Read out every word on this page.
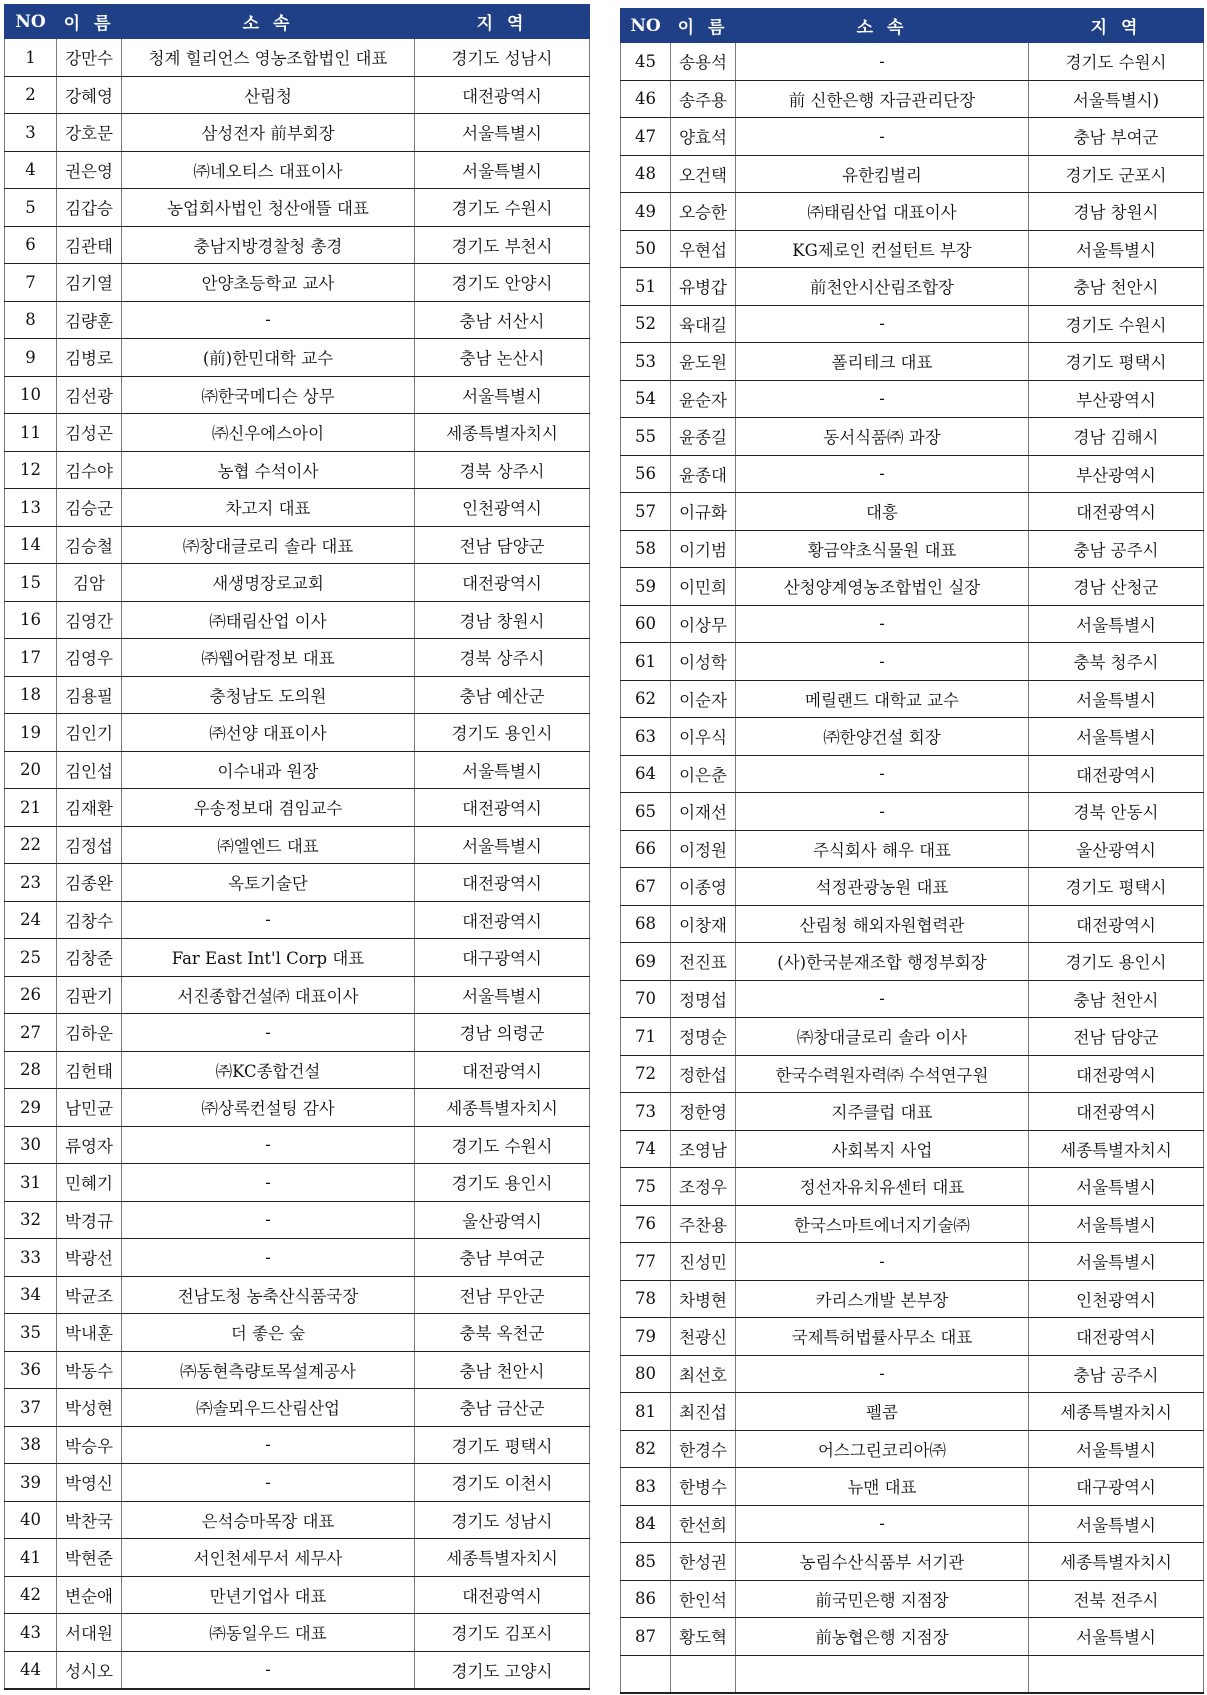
NO	이 름	소 속	지 역
1	강만수	청계 힐리언스 영농조합법인 대표	경기도 성남시
2	강혜영	산림청	대전광역시
3	강호문	삼성전자 前부회장	서울특별시
4	권은영	㈜네오티스 대표이사	서울특별시
5	김갑승	농업회사법인 청산애뜰 대표	경기도 수원시
6	김관태	충남지방경찰청 총경	경기도 부천시
7	김기열	안양초등학교 교사	경기도 안양시
8	김량훈	-	충남 서산시
9	김병로	(前)한민대학 교수	충남 논산시
10	김선광	㈜한국메디슨 상무	서울특별시
11	김성곤	㈜신우에스아이	세종특별자치시
12	김수야	농협 수석이사	경북 상주시
13	김승군	차고지 대표	인천광역시
14	김승철	㈜창대글로리 솔라 대표	전남 담양군
15	김암	새생명장로교회	대전광역시
16	김영간	㈜태림산업 이사	경남 창원시
17	김영우	㈜웹어람정보 대표	경북 상주시
18	김용필	충청남도 도의원	충남 예산군
19	김인기	㈜선양 대표이사	경기도 용인시
20	김인섭	이수내과 원장	서울특별시
21	김재환	우송정보대 겸임교수	대전광역시
22	김정섭	㈜엘엔드 대표	서울특별시
23	김종완	옥토기술단	대전광역시
24	김창수	-	대전광역시
25	김창준	Far East Int'l Corp 대표	대구광역시
26	김판기	서진종합건설㈜ 대표이사	서울특별시
27	김하운	-	경남 의령군
28	김헌태	㈜KC종합건설	대전광역시
29	남민균	㈜상록컨설팅 감사	세종특별자치시
30	류영자	-	경기도 수원시
31	민혜기	-	경기도 용인시
32	박경규	-	울산광역시
33	박광선	-	충남 부여군
34	박균조	전남도청 농축산식품국장	전남 무안군
35	박내훈	더 좋은 숲	충북 옥천군
36	박동수	㈜동현측량토목설계공사	충남 천안시
37	박성현	㈜솔뫼우드산림산업	충남 금산군
38	박승우	-	경기도 평택시
39	박영신	-	경기도 이천시
40	박찬국	은석승마목장 대표	경기도 성남시
41	박현준	서인천세무서 세무사	세종특별자치시
42	변순애	만년기업사 대표	대전광역시
43	서대원	㈜동일우드 대표	경기도 김포시
44	성시오	-	경기도 고양시
NO	이 름	소 속	지 역
45	송용석	-	경기도 수원시
46	송주용	前 신한은행 자금관리단장	서울특별시)
47	양효석	-	충남 부여군
48	오건택	유한킴벌리	경기도 군포시
49	오승한	㈜태림산업 대표이사	경남 창원시
50	우현섭	KG제로인 컨설턴트 부장	서울특별시
51	유병갑	前천안시산림조합장	충남 천안시
52	육대길	-	경기도 수원시
53	윤도원	폴리테크 대표	경기도 평택시
54	윤순자	-	부산광역시
55	윤종길	동서식품㈜ 과장	경남 김해시
56	윤종대	-	부산광역시
57	이규화	대흥	대전광역시
58	이기범	황금약초식물원 대표	충남 공주시
59	이민희	산청양계영농조합법인 실장	경남 산청군
60	이상무	-	서울특별시
61	이성학	-	충북 청주시
62	이순자	메릴랜드 대학교 교수	서울특별시
63	이우식	㈜한양건설 회장	서울특별시
64	이은춘	-	대전광역시
65	이재선	-	경북 안동시
66	이정원	주식회사 해우 대표	울산광역시
67	이종영	석정관광농원 대표	경기도 평택시
68	이창재	산림청 해외자원협력관	대전광역시
69	전진표	(사)한국분재조합 행정부회장	경기도 용인시
70	정명섭	-	충남 천안시
71	정명순	㈜창대글로리 솔라 이사	전남 담양군
72	정한섭	한국수력원자력㈜ 수석연구원	대전광역시
73	정한영	지주클럽 대표	대전광역시
74	조영남	사회복지 사업	세종특별자치시
75	조정우	정선자유치유센터 대표	서울특별시
76	주찬용	한국스마트에너지기술㈜	서울특별시
77	진성민	-	서울특별시
78	차병현	카리스개발 본부장	인천광역시
79	천광신	국제특허법률사무소 대표	대전광역시
80	최선호	-	충남 공주시
81	최진섭	펠콤	세종특별자치시
82	한경수	어스그린코리아㈜	서울특별시
83	한병수	뉴맨 대표	대구광역시
84	한선희	-	서울특별시
85	한성권	농림수산식품부 서기관	세종특별자치시
86	한인석	前국민은행 지점장	전북 전주시
87	황도혁	前농협은행 지점장	서울특별시
